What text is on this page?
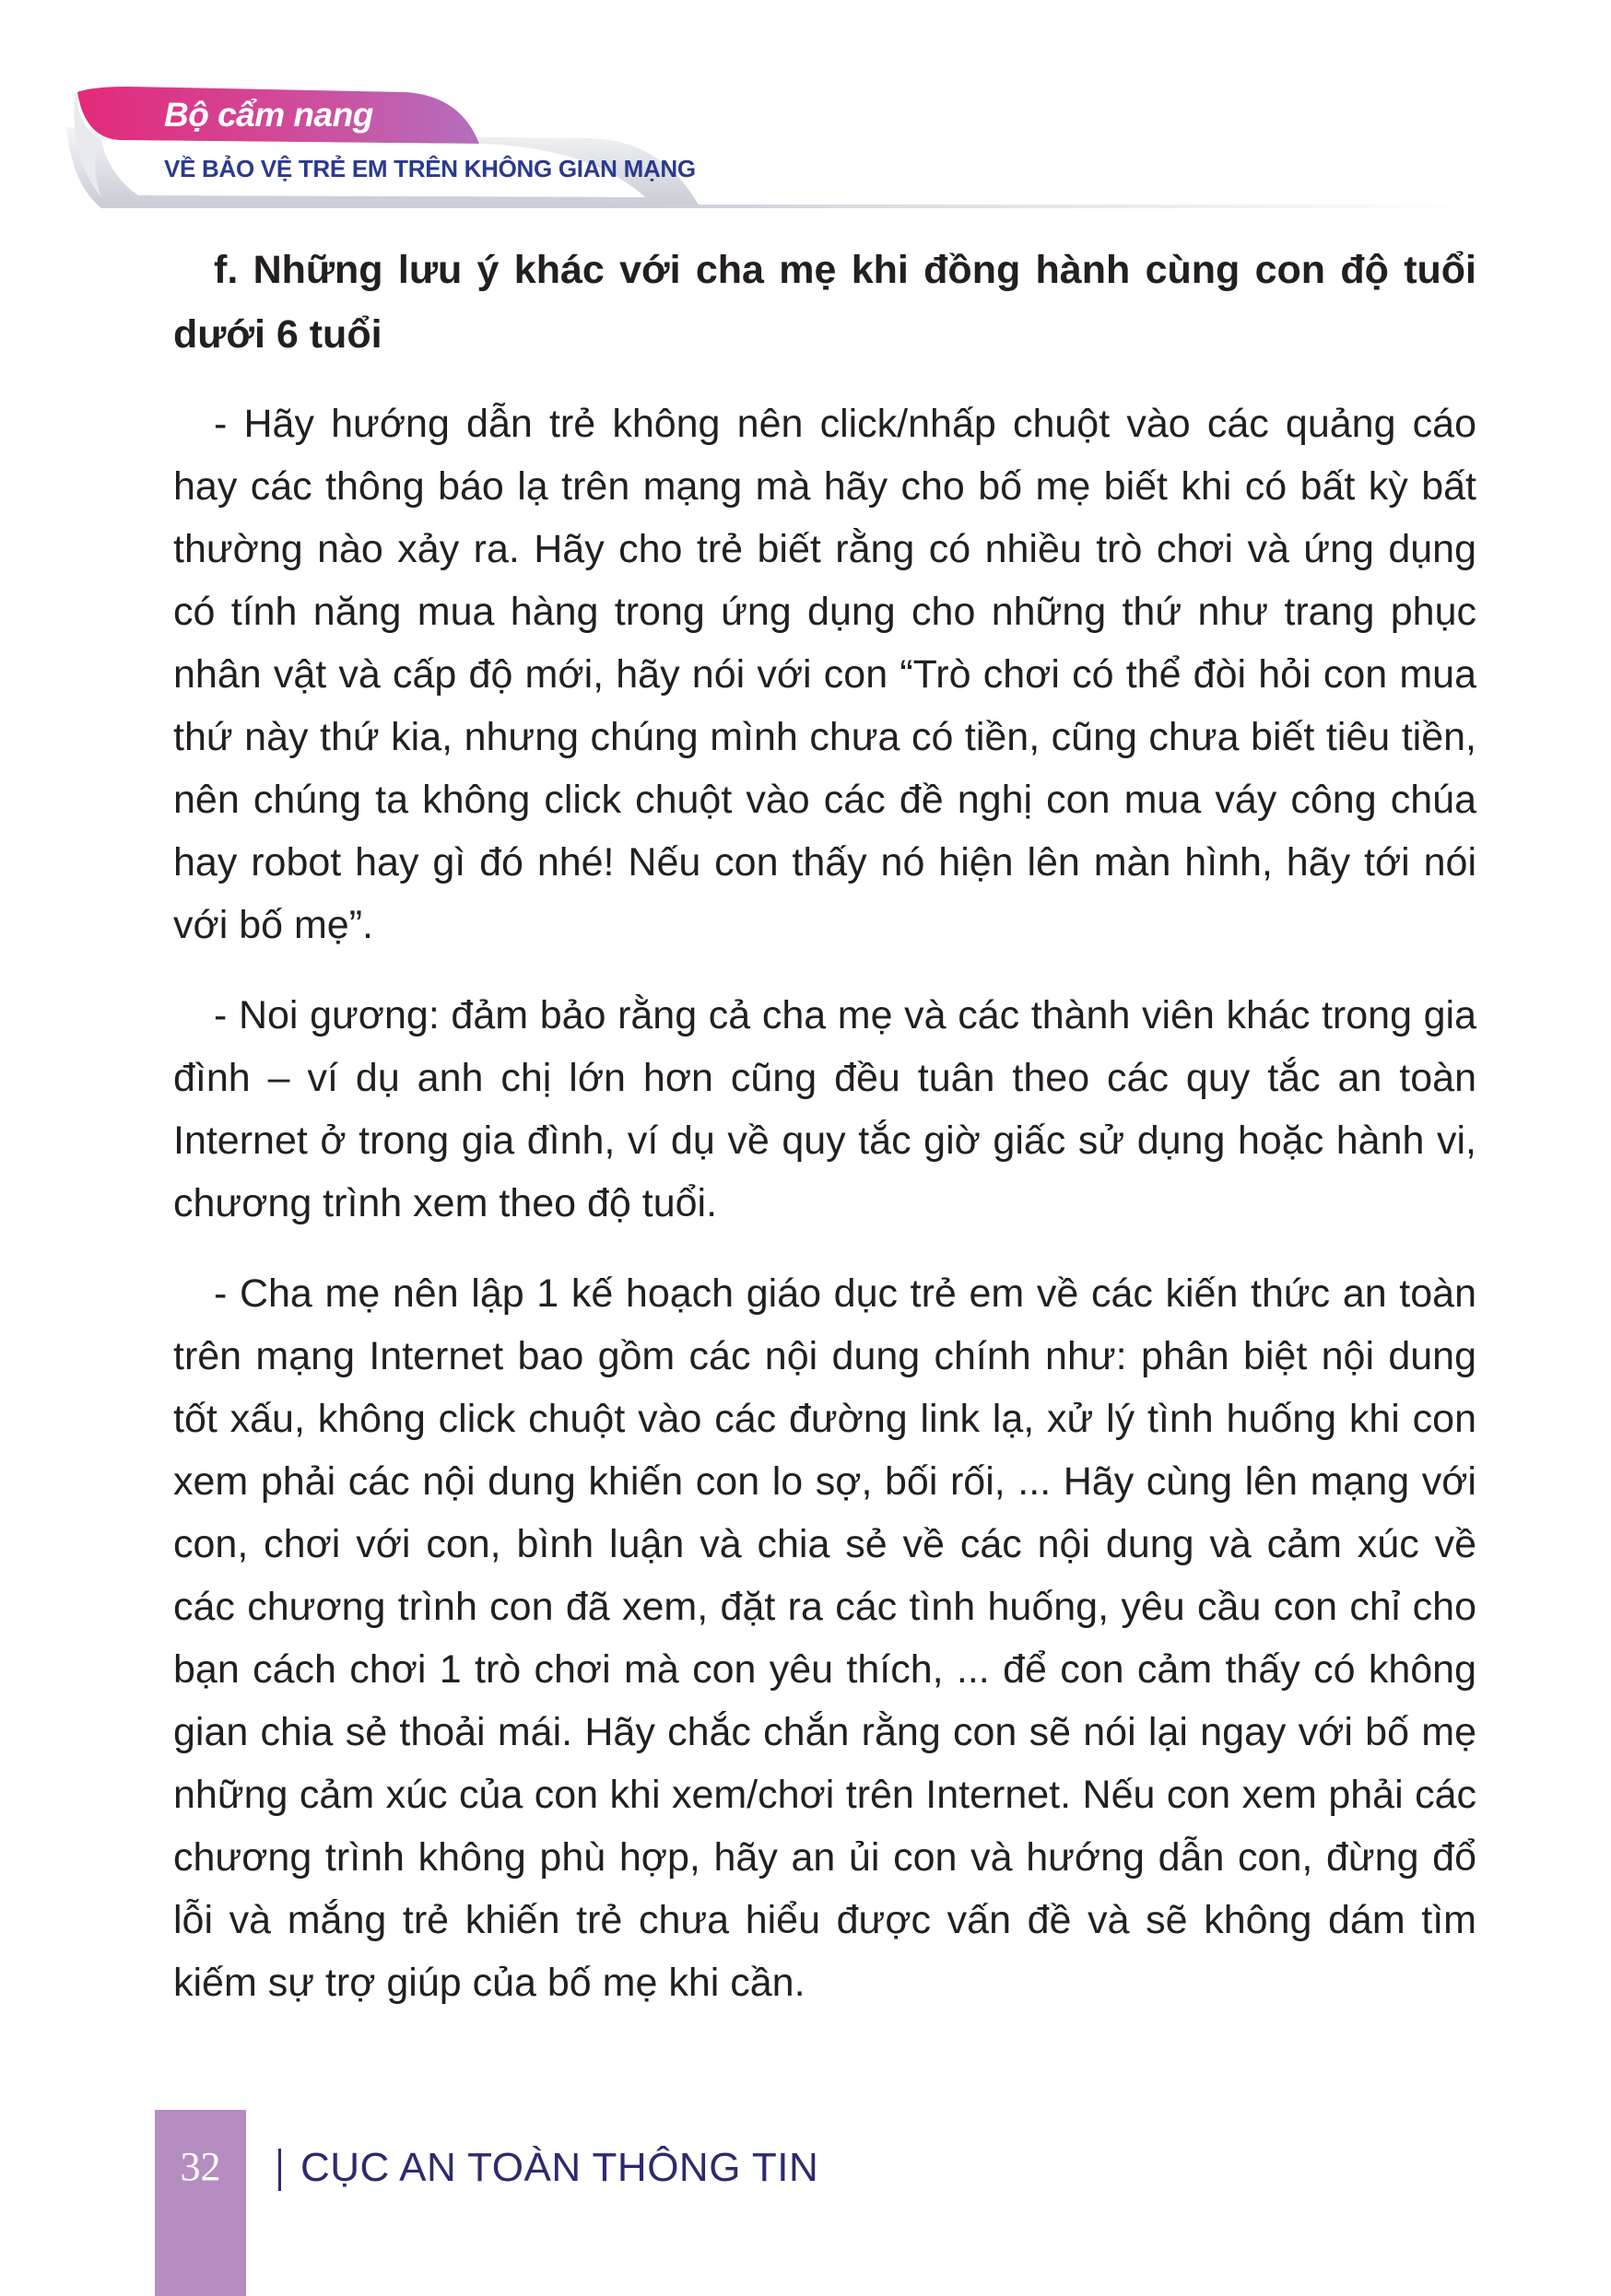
Bộ cẩm nang
VỀ BẢO VỆ TRẺ EM TRÊN KHÔNG GIAN MẠNG
f. Những lưu ý khác với cha mẹ khi đồng hành cùng con độ tuổi dưới 6 tuổi

- Hãy hướng dẫn trẻ không nên click/nhấp chuột vào các quảng cáo hay các thông báo lạ trên mạng mà hãy cho bố mẹ biết khi có bất kỳ bất thường nào xảy ra. Hãy cho trẻ biết rằng có nhiều trò chơi và ứng dụng có tính năng mua hàng trong ứng dụng cho những thứ như trang phục nhân vật và cấp độ mới, hãy nói với con “Trò chơi có thể đòi hỏi con mua thứ này thứ kia, nhưng chúng mình chưa có tiền, cũng chưa biết tiêu tiền, nên chúng ta không click chuột vào các đề nghị con mua váy công chúa hay robot hay gì đó nhé! Nếu con thấy nó hiện lên màn hình, hãy tới nói với bố mẹ”.

- Noi gương: đảm bảo rằng cả cha mẹ và các thành viên khác trong gia đình – ví dụ anh chị lớn hơn cũng đều tuân theo các quy tắc an toàn Internet ở trong gia đình, ví dụ về quy tắc giờ giấc sử dụng hoặc hành vi, chương trình xem theo độ tuổi.

- Cha mẹ nên lập 1 kế hoạch giáo dục trẻ em về các kiến thức an toàn trên mạng Internet bao gồm các nội dung chính như: phân biệt nội dung tốt xấu, không click chuột vào các đường link lạ, xử lý tình huống khi con xem phải các nội dung khiến con lo sợ, bối rối, ... Hãy cùng lên mạng với con, chơi với con, bình luận và chia sẻ về các nội dung và cảm xúc về các chương trình con đã xem, đặt ra các tình huống, yêu cầu con chỉ cho bạn cách chơi 1 trò chơi mà con yêu thích, ... để con cảm thấy có không gian chia sẻ thoải mái. Hãy chắc chắn rằng con sẽ nói lại ngay với bố mẹ những cảm xúc của con khi xem/chơi trên Internet. Nếu con xem phải các chương trình không phù hợp, hãy an ủi con và hướng dẫn con, đừng đổ lỗi và mắng trẻ khiến trẻ chưa hiểu được vấn đề và sẽ không dám tìm kiếm sự trợ giúp của bố mẹ khi cần.

32	CỤC AN TOÀN THÔNG TIN
